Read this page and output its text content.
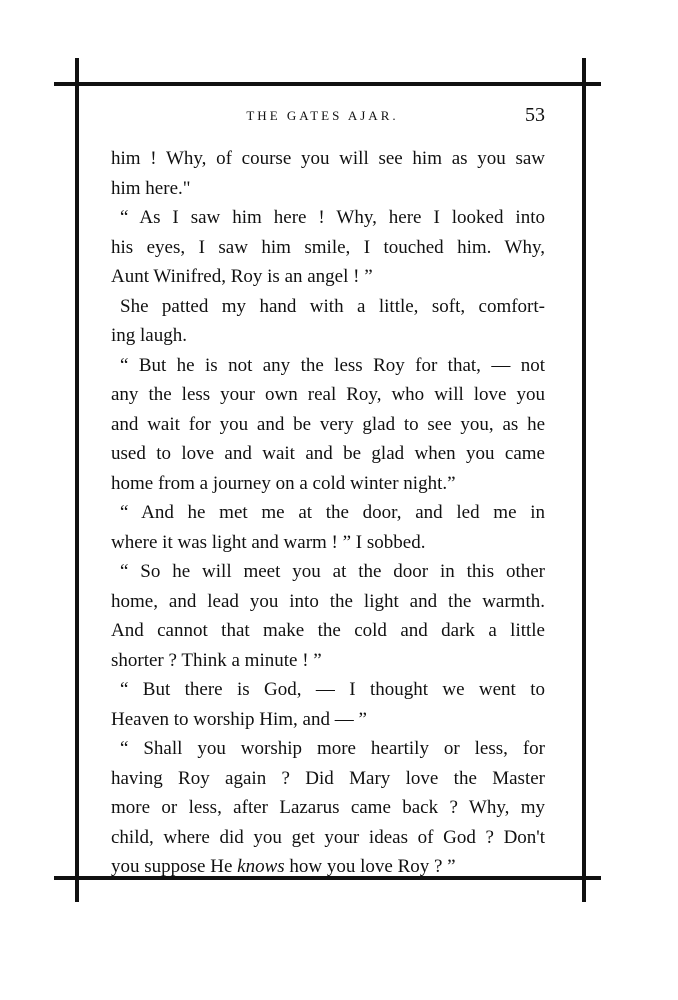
THE GATES AJAR.	53
him ! Why, of course you will see him as you saw
him here."
“ As I saw him here ! Why, here I looked into
his eyes, I saw him smile, I touched him. Why,
Aunt Winifred, Roy is an angel ! ”
She patted my hand with a little, soft, comfort-
ing laugh.
“ But he is not any the less Roy for that, — not
any the less your own real Roy, who will love you
and wait for you and be very glad to see you, as he
used to love and wait and be glad when you came
home from a journey on a cold winter night.”
“ And he met me at the door, and led me in
where it was light and warm ! ” I sobbed.
“ So he will meet you at the door in this other
home, and lead you into the light and the warmth.
And cannot that make the cold and dark a little
shorter ? Think a minute ! ”
“ But there is God, — I thought we went to
Heaven to worship Him, and — ”
“ Shall you worship more heartily or less, for
having Roy again ? Did Mary love the Master
more or less, after Lazarus came back ? Why, my
child, where did you get your ideas of God ? Don't
you suppose He knows how you love Roy ? ”
